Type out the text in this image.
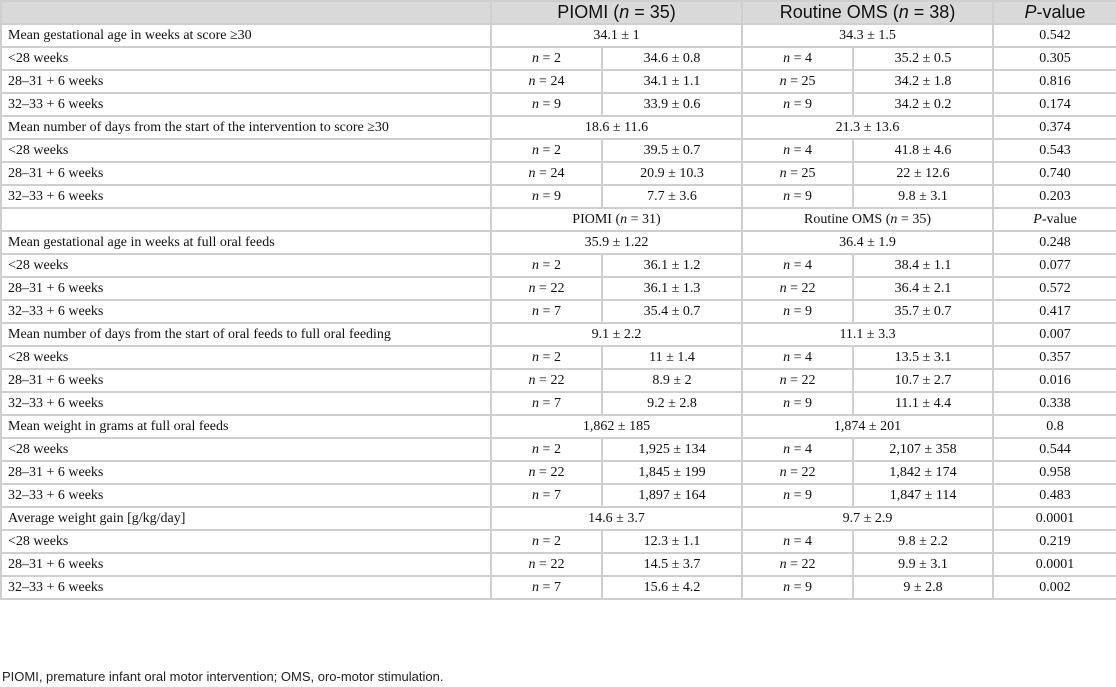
	PIOMI (n = 35)		Routine OMS (n = 38)		P-value
Mean gestational age in weeks at score ≥30	34.1 ± 1		34.3 ± 1.5		0.542
<28 weeks	n = 2	34.6 ± 0.8	n = 4	35.2 ± 0.5	0.305
28–31 + 6 weeks	n = 24	34.1 ± 1.1	n = 25	34.2 ± 1.8	0.816
32–33 + 6 weeks	n = 9	33.9 ± 0.6	n = 9	34.2 ± 0.2	0.174
Mean number of days from the start of the intervention to score ≥30	18.6 ± 11.6		21.3 ± 13.6		0.374
<28 weeks	n = 2	39.5 ± 0.7	n = 4	41.8 ± 4.6	0.543
28–31 + 6 weeks	n = 24	20.9 ± 10.3	n = 25	22 ± 12.6	0.740
32–33 + 6 weeks	n = 9	7.7 ± 3.6	n = 9	9.8 ± 3.1	0.203
	PIOMI (n = 31)		Routine OMS (n = 35)		P-value
Mean gestational age in weeks at full oral feeds	35.9 ± 1.22		36.4 ± 1.9		0.248
<28 weeks	n = 2	36.1 ± 1.2	n = 4	38.4 ± 1.1	0.077
28–31 + 6 weeks	n = 22	36.1 ± 1.3	n = 22	36.4 ± 2.1	0.572
32–33 + 6 weeks	n = 7	35.4 ± 0.7	n = 9	35.7 ± 0.7	0.417
Mean number of days from the start of oral feeds to full oral feeding	9.1 ± 2.2		11.1 ± 3.3		0.007
<28 weeks	n = 2	11 ± 1.4	n = 4	13.5 ± 3.1	0.357
28–31 + 6 weeks	n = 22	8.9 ± 2	n = 22	10.7 ± 2.7	0.016
32–33 + 6 weeks	n = 7	9.2 ± 2.8	n = 9	11.1 ± 4.4	0.338
Mean weight in grams at full oral feeds	1,862 ± 185		1,874 ± 201		0.8
<28 weeks	n = 2	1,925 ± 134	n = 4	2,107 ± 358	0.544
28–31 + 6 weeks	n = 22	1,845 ± 199	n = 22	1,842 ± 174	0.958
32–33 + 6 weeks	n = 7	1,897 ± 164	n = 9	1,847 ± 114	0.483
Average weight gain [g/kg/day]	14.6 ± 3.7		9.7 ± 2.9		0.0001
<28 weeks	n = 2	12.3 ± 1.1	n = 4	9.8 ± 2.2	0.219
28–31 + 6 weeks	n = 22	14.5 ± 3.7	n = 22	9.9 ± 3.1	0.0001
32–33 + 6 weeks	n = 7	15.6 ± 4.2	n = 9	9 ± 2.8	0.002
PIOMI, premature infant oral motor intervention; OMS, oro-motor stimulation.
